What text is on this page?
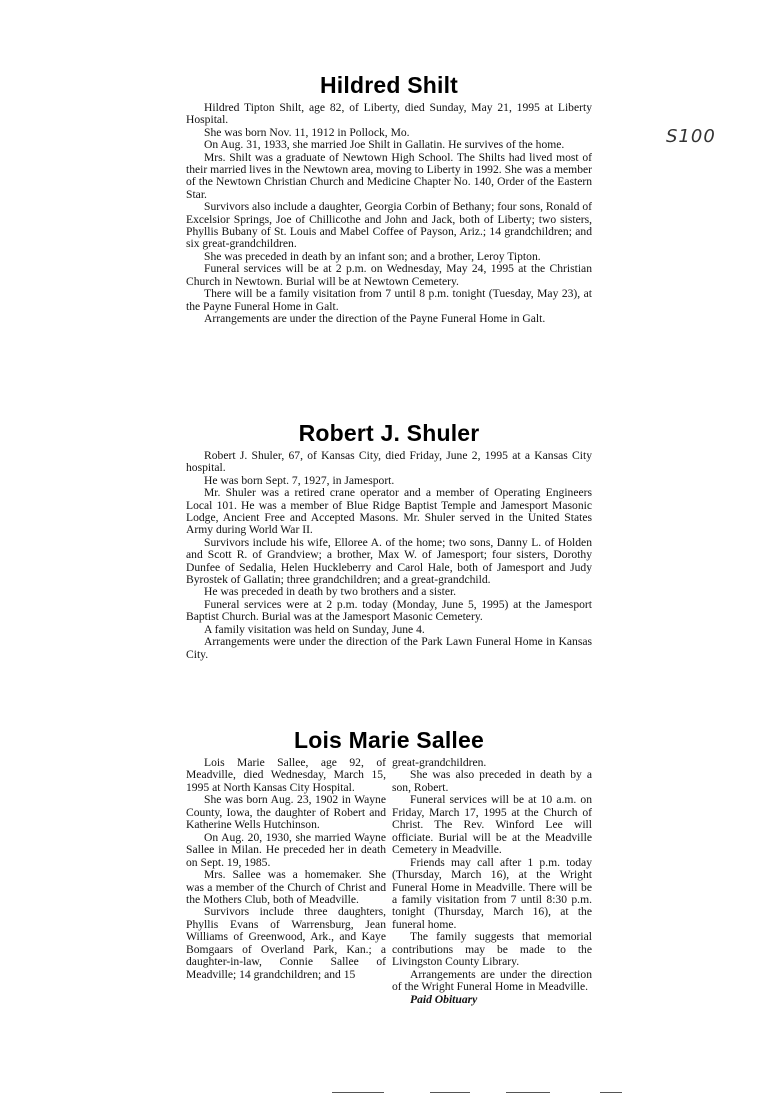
S100
Hildred Shilt

Hildred Tipton Shilt, age 82, of Liberty, died Sunday, May 21, 1995 at Liberty Hospital.

She was born Nov. 11, 1912 in Pollock, Mo.

On Aug. 31, 1933, she married Joe Shilt in Gallatin. He survives of the home.

Mrs. Shilt was a graduate of Newtown High School. The Shilts had lived most of their married lives in the Newtown area, moving to Liberty in 1992. She was a member of the Newtown Christian Church and Medicine Chapter No. 140, Order of the Eastern Star.

Survivors also include a daughter, Georgia Corbin of Bethany; four sons, Ronald of Excelsior Springs, Joe of Chillicothe and John and Jack, both of Liberty; two sisters, Phyllis Bubany of St. Louis and Mabel Coffee of Payson, Ariz.; 14 grandchildren; and six great-grandchildren.

She was preceded in death by an infant son; and a brother, Leroy Tipton.

Funeral services will be at 2 p.m. on Wednesday, May 24, 1995 at the Christian Church in Newtown. Burial will be at Newtown Cemetery.

There will be a family visitation from 7 until 8 p.m. tonight (Tuesday, May 23), at the Payne Funeral Home in Galt.

Arrangements are under the direction of the Payne Funeral Home in Galt.

Robert J. Shuler

Robert J. Shuler, 67, of Kansas City, died Friday, June 2, 1995 at a Kansas City hospital.

He was born Sept. 7, 1927, in Jamesport.

Mr. Shuler was a retired crane operator and a member of Operating Engineers Local 101. He was a member of Blue Ridge Baptist Temple and Jamesport Masonic Lodge, Ancient Free and Accepted Masons. Mr. Shuler served in the United States Army during World War II.

Survivors include his wife, Elloree A. of the home; two sons, Danny L. of Holden and Scott R. of Grandview; a brother, Max W. of Jamesport; four sisters, Dorothy Dunfee of Sedalia, Helen Huckleberry and Carol Hale, both of Jamesport and Judy Byrostek of Gallatin; three grandchildren; and a great-grandchild.

He was preceded in death by two brothers and a sister.

Funeral services were at 2 p.m. today (Monday, June 5, 1995) at the Jamesport Baptist Church. Burial was at the Jamesport Masonic Cemetery.

A family visitation was held on Sunday, June 4.

Arrangements were under the direction of the Park Lawn Funeral Home in Kansas City.

Lois Marie Sallee

Lois Marie Sallee, age 92, of Meadville, died Wednesday, March 15, 1995 at North Kansas City Hospital.

She was born Aug. 23, 1902 in Wayne County, Iowa, the daughter of Robert and Katherine Wells Hutchinson.

On Aug. 20, 1930, she married Wayne Sallee in Milan. He preceded her in death on Sept. 19, 1985.

Mrs. Sallee was a homemaker. She was a member of the Church of Christ and the Mothers Club, both of Meadville.

Survivors include three daughters, Phyllis Evans of Warrensburg, Jean Williams of Greenwood, Ark., and Kaye Bomgaars of Overland Park, Kan.; a daughter-in-law, Connie Sallee of Meadville; 14 grandchildren; and 15

great-grandchildren.

She was also preceded in death by a son, Robert.

Funeral services will be at 10 a.m. on Friday, March 17, 1995 at the Church of Christ. The Rev. Winford Lee will officiate. Burial will be at the Meadville Cemetery in Meadville.

Friends may call after 1 p.m. today (Thursday, March 16), at the Wright Funeral Home in Meadville. There will be a family visitation from 7 until 8:30 p.m. tonight (Thursday, March 16), at the funeral home.

The family suggests that memorial contributions may be made to the Livingston County Library.

Arrangements are under the direction of the Wright Funeral Home in Meadville.

Paid Obituary
